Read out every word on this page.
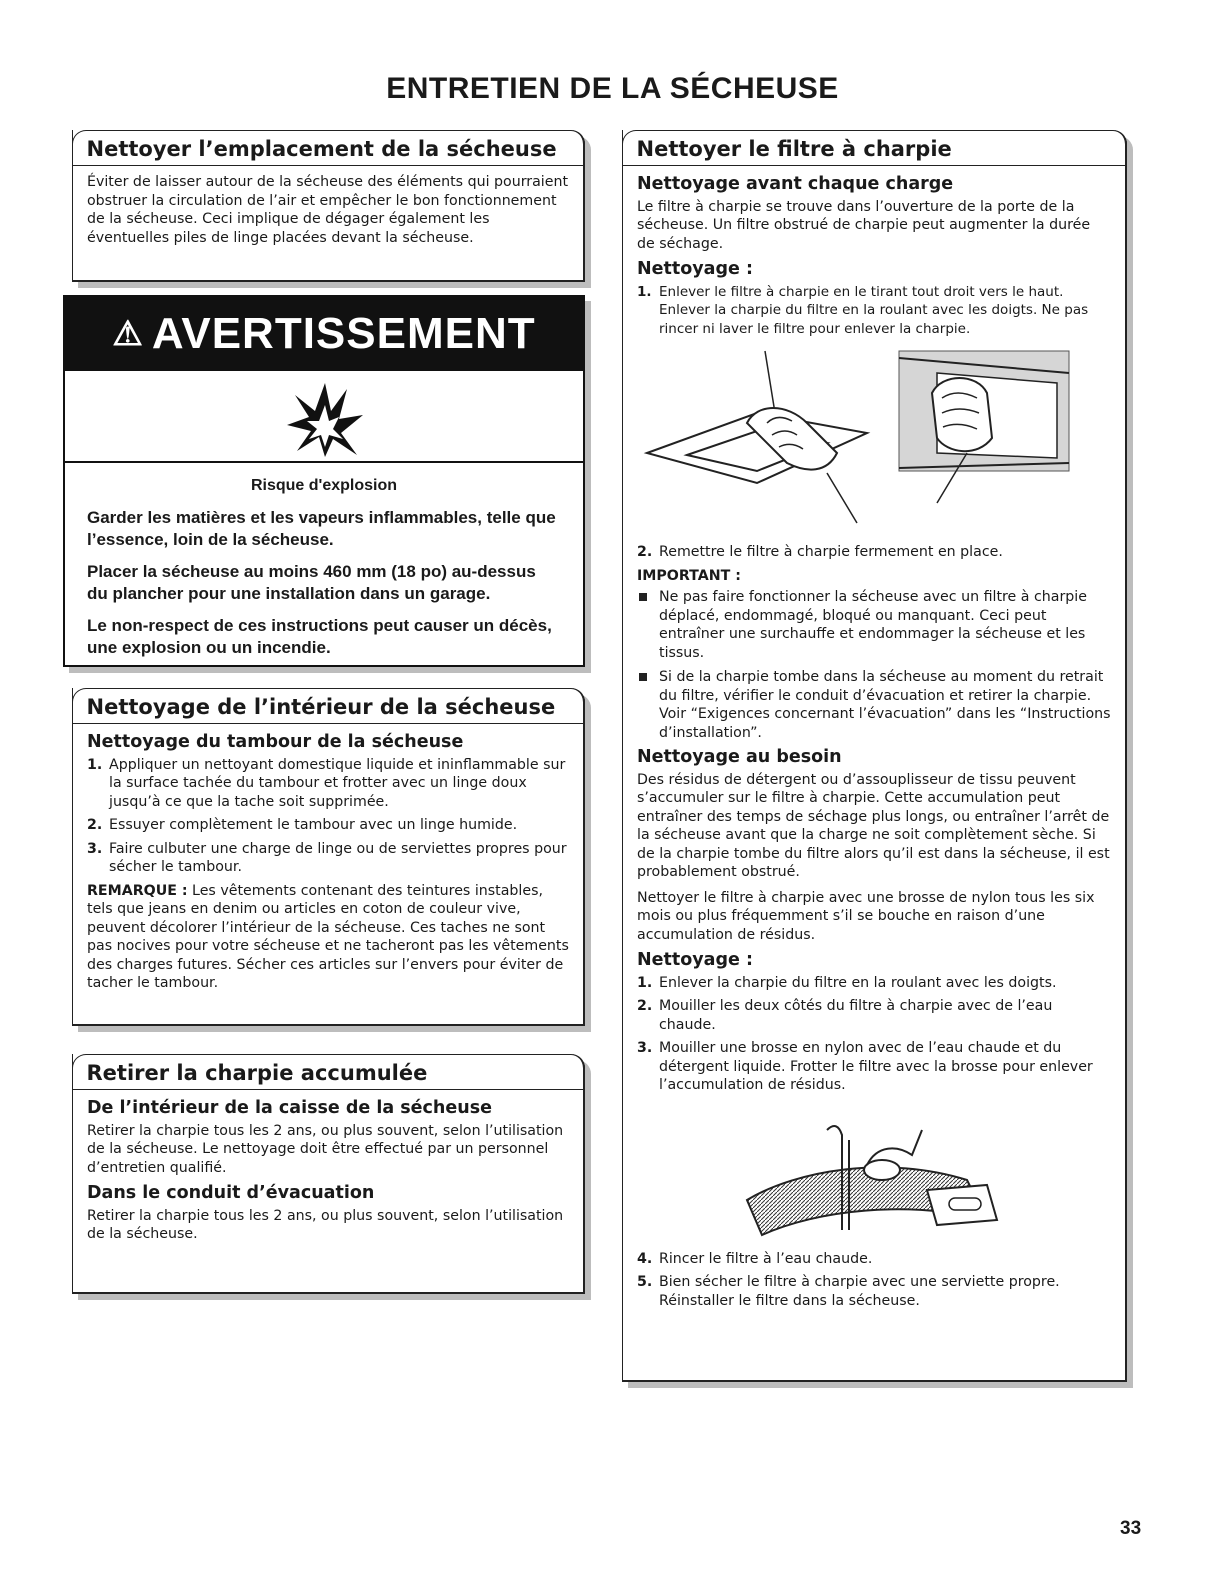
ENTRETIEN DE LA SÉCHEUSE
Nettoyer l’emplacement de la sécheuse

Éviter de laisser autour de la sécheuse des éléments qui pourraient obstruer la circulation de l’air et empêcher le bon fonctionnement de la sécheuse. Ceci implique de dégager également les éventuelles piles de linge placées devant la sécheuse.

⚠ AVERTISSEMENT
Risque d'explosion

Garder les matières et les vapeurs inflammables, telle que l’essence, loin de la sécheuse.

Placer la sécheuse au moins 460 mm (18 po) au-dessus du plancher pour une installation dans un garage.

Le non-respect de ces instructions peut causer un décès, une explosion ou un incendie.

Nettoyage de l’intérieur de la sécheuse
Nettoyage du tambour de la sécheuse
1. Appliquer un nettoyant domestique liquide et ininflammable sur la surface tachée du tambour et frotter avec un linge doux jusqu’à ce que la tache soit supprimée.
2. Essuyer complètement le tambour avec un linge humide.
3. Faire culbuter une charge de linge ou de serviettes propres pour sécher le tambour.

REMARQUE : Les vêtements contenant des teintures instables, tels que jeans en denim ou articles en coton de couleur vive, peuvent décolorer l’intérieur de la sécheuse. Ces taches ne sont pas nocives pour votre sécheuse et ne tacheront pas les vêtements des charges futures. Sécher ces articles sur l’envers pour éviter de tacher le tambour.

Retirer la charpie accumulée
De l’intérieur de la caisse de la sécheuse

Retirer la charpie tous les 2 ans, ou plus souvent, selon l’utilisation de la sécheuse. Le nettoyage doit être effectué par un personnel d’entretien qualifié.

Dans le conduit d’évacuation

Retirer la charpie tous les 2 ans, ou plus souvent, selon l’utilisation de la sécheuse.

Nettoyer le filtre à charpie
Nettoyage avant chaque charge

Le filtre à charpie se trouve dans l’ouverture de la porte de la sécheuse. Un filtre obstrué de charpie peut augmenter la durée de séchage.

Nettoyage :
1. Enlever le filtre à charpie en le tirant tout droit vers le haut. Enlever la charpie du filtre en la roulant avec les doigts. Ne pas rincer ni laver le filtre pour enlever la charpie.
2. Remettre le filtre à charpie fermement en place.
IMPORTANT :
Ne pas faire fonctionner la sécheuse avec un filtre à charpie déplacé, endommagé, bloqué ou manquant. Ceci peut entraîner une surchauffe et endommager la sécheuse et les tissus.
Si de la charpie tombe dans la sécheuse au moment du retrait du filtre, vérifier le conduit d’évacuation et retirer la charpie. Voir “Exigences concernant l’évacuation” dans les “Instructions d’installation”.
Nettoyage au besoin

Des résidus de détergent ou d’assouplisseur de tissu peuvent s’accumuler sur le filtre à charpie. Cette accumulation peut entraîner des temps de séchage plus longs, ou entraîner l’arrêt de la sécheuse avant que la charge ne soit complètement sèche. Si de la charpie tombe du filtre alors qu’il est dans la sécheuse, il est probablement obstrué.

Nettoyer le filtre à charpie avec une brosse de nylon tous les six mois ou plus fréquemment s’il se bouche en raison d’une accumulation de résidus.

Nettoyage :
1. Enlever la charpie du filtre en la roulant avec les doigts.
2. Mouiller les deux côtés du filtre à charpie avec de l’eau chaude.
3. Mouiller une brosse en nylon avec de l’eau chaude et du détergent liquide. Frotter le filtre avec la brosse pour enlever l’accumulation de résidus.
4. Rincer le filtre à l’eau chaude.
5. Bien sécher le filtre à charpie avec une serviette propre. Réinstaller le filtre dans la sécheuse.
33
